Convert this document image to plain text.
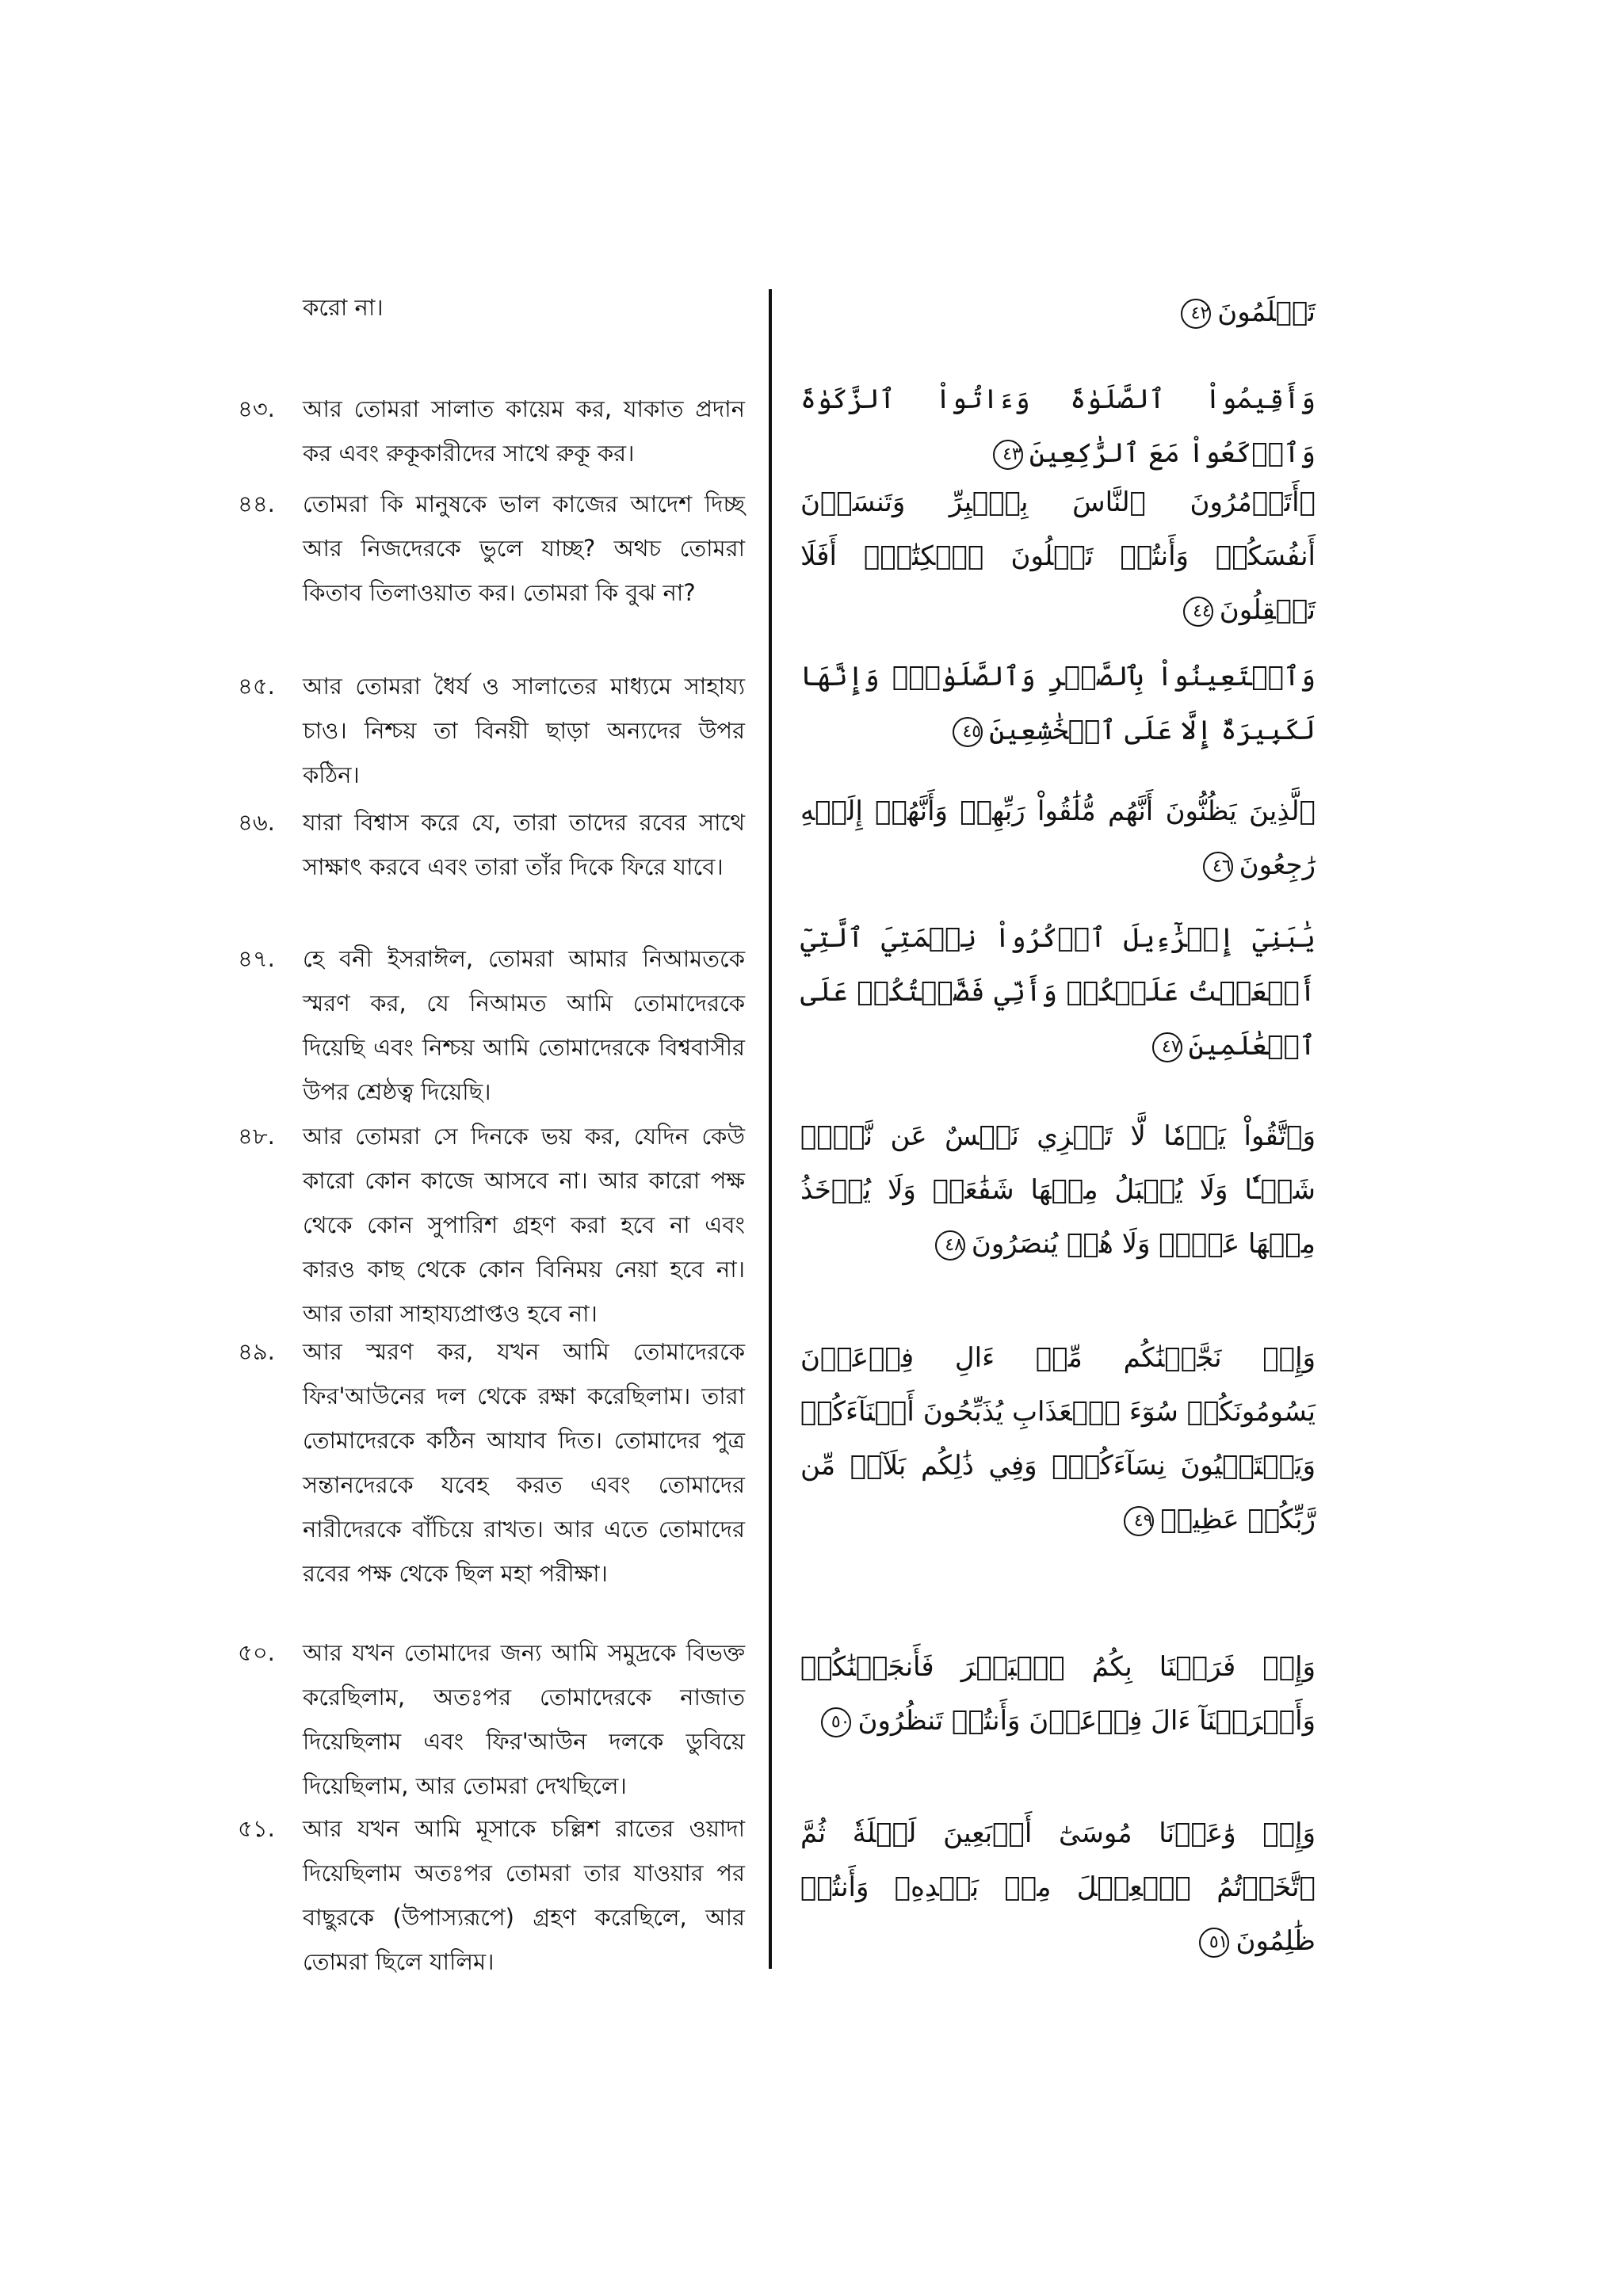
করো না।
৪৩.	আর তোমরা সালাত কায়েম কর, যাকাত প্রদান কর এবং রুকূকারীদের সাথে রুকূ কর।
৪৪.	তোমরা কি মানুষকে ভাল কাজের আদেশ দিচ্ছ আর নিজদেরকে ভুলে যাচ্ছ? অথচ তোমরা কিতাব তিলাওয়াত কর। তোমরা কি বুঝ না?
৪৫.	আর তোমরা ধৈর্য ও সালাতের মাধ্যমে সাহায্য চাও। নিশ্চয় তা বিনয়ী ছাড়া অন্যদের উপর কঠিন।
৪৬.	যারা বিশ্বাস করে যে, তারা তাদের রবের সাথে সাক্ষাৎ করবে এবং তারা তাঁর দিকে ফিরে যাবে।
৪৭.	হে বনী ইসরাঈল, তোমরা আমার নিআমতকে স্মরণ কর, যে নিআমত আমি তোমাদেরকে দিয়েছি এবং নিশ্চয় আমি তোমাদেরকে বিশ্ববাসীর উপর শ্রেষ্ঠত্ব দিয়েছি।
৪৮.	আর তোমরা সে দিনকে ভয় কর, যেদিন কেউ কারো কোন কাজে আসবে না। আর কারো পক্ষ থেকে কোন সুপারিশ গ্রহণ করা হবে না এবং কারও কাছ থেকে কোন বিনিময় নেয়া হবে না। আর তারা সাহায্যপ্রাপ্তও হবে না।
৪৯.	আর স্মরণ কর, যখন আমি তোমাদেরকে ফির'আউনের দল থেকে রক্ষা করেছিলাম। তারা তোমাদেরকে কঠিন আযাব দিত। তোমাদের পুত্র সন্তানদেরকে যবেহ করত এবং তোমাদের নারীদেরকে বাঁচিয়ে রাখত। আর এতে তোমাদের রবের পক্ষ থেকে ছিল মহা পরীক্ষা।
৫০.	আর যখন তোমাদের জন্য আমি সমুদ্রকে বিভক্ত করেছিলাম, অতঃপর তোমাদেরকে নাজাত দিয়েছিলাম এবং ফির'আউন দলকে ডুবিয়ে দিয়েছিলাম, আর তোমরা দেখছিলে।
৫১.	আর যখন আমি মূসাকে চল্লিশ রাতের ওয়াদা দিয়েছিলাম অতঃপর তোমরা তার যাওয়ার পর বাছুরকে (উপাস্যরূপে) গ্রহণ করেছিলে, আর তোমরা ছিলে যালিম।
تَعۡلَمُونَ٤٢
وَأَقِيمُواْ ٱلصَّلَوٰةَ وَءَاتُواْ ٱلزَّكَوٰةَ وَٱرۡكَعُواْ مَعَ ٱلرَّٰكِعِينَ٤٣
۞أَتَأۡمُرُونَ ٱلنَّاسَ بِٱلۡبِرِّ وَتَنسَوۡنَ أَنفُسَكُمۡ وَأَنتُمۡ تَتۡلُونَ ٱلۡكِتَٰبَۚ أَفَلَا تَعۡقِلُونَ٤٤
وَٱسۡتَعِينُواْ بِٱلصَّبۡرِ وَٱلصَّلَوٰةِۚ وَإِنَّهَا لَكَبِيرَةٌ إِلَّا عَلَى ٱلۡخَٰشِعِينَ٤٥
ٱلَّذِينَ يَظُنُّونَ أَنَّهُم مُّلَٰقُواْ رَبِّهِمۡ وَأَنَّهُمۡ إِلَيۡهِ رَٰجِعُونَ٤٦
يَٰبَنِيٓ إِسۡرَٰٓءِيلَ ٱذۡكُرُواْ نِعۡمَتِيَ ٱلَّتِيٓ أَنۡعَمۡتُ عَلَيۡكُمۡ وَأَنِّي فَضَّلۡتُكُمۡ عَلَى ٱلۡعَٰلَمِينَ٤٧
وَٱتَّقُواْ يَوۡمٗا لَّا تَجۡزِي نَفۡسٌ عَن نَّفۡسٖ شَيۡـٔٗا وَلَا يُقۡبَلُ مِنۡهَا شَفَٰعَةٞ وَلَا يُؤۡخَذُ مِنۡهَا عَدۡلٞ وَلَا هُمۡ يُنصَرُونَ٤٨
وَإِذۡ نَجَّيۡنَٰكُم مِّنۡ ءَالِ فِرۡعَوۡنَ يَسُومُونَكُمۡ سُوٓءَ ٱلۡعَذَابِ يُذَبِّحُونَ أَبۡنَآءَكُمۡ وَيَسۡتَحۡيُونَ نِسَآءَكُمۡۚ وَفِي ذَٰلِكُم بَلَآءٞ مِّن رَّبِّكُمۡ عَظِيمٞ٤٩
وَإِذۡ فَرَقۡنَا بِكُمُ ٱلۡبَحۡرَ فَأَنجَيۡنَٰكُمۡ وَأَغۡرَقۡنَآ ءَالَ فِرۡعَوۡنَ وَأَنتُمۡ تَنظُرُونَ٥٠
وَإِذۡ وَٰعَدۡنَا مُوسَىٰٓ أَرۡبَعِينَ لَيۡلَةٗ ثُمَّ ٱتَّخَذۡتُمُ ٱلۡعِجۡلَ مِنۢ بَعۡدِهِۦ وَأَنتُمۡ ظَٰلِمُونَ٥١
